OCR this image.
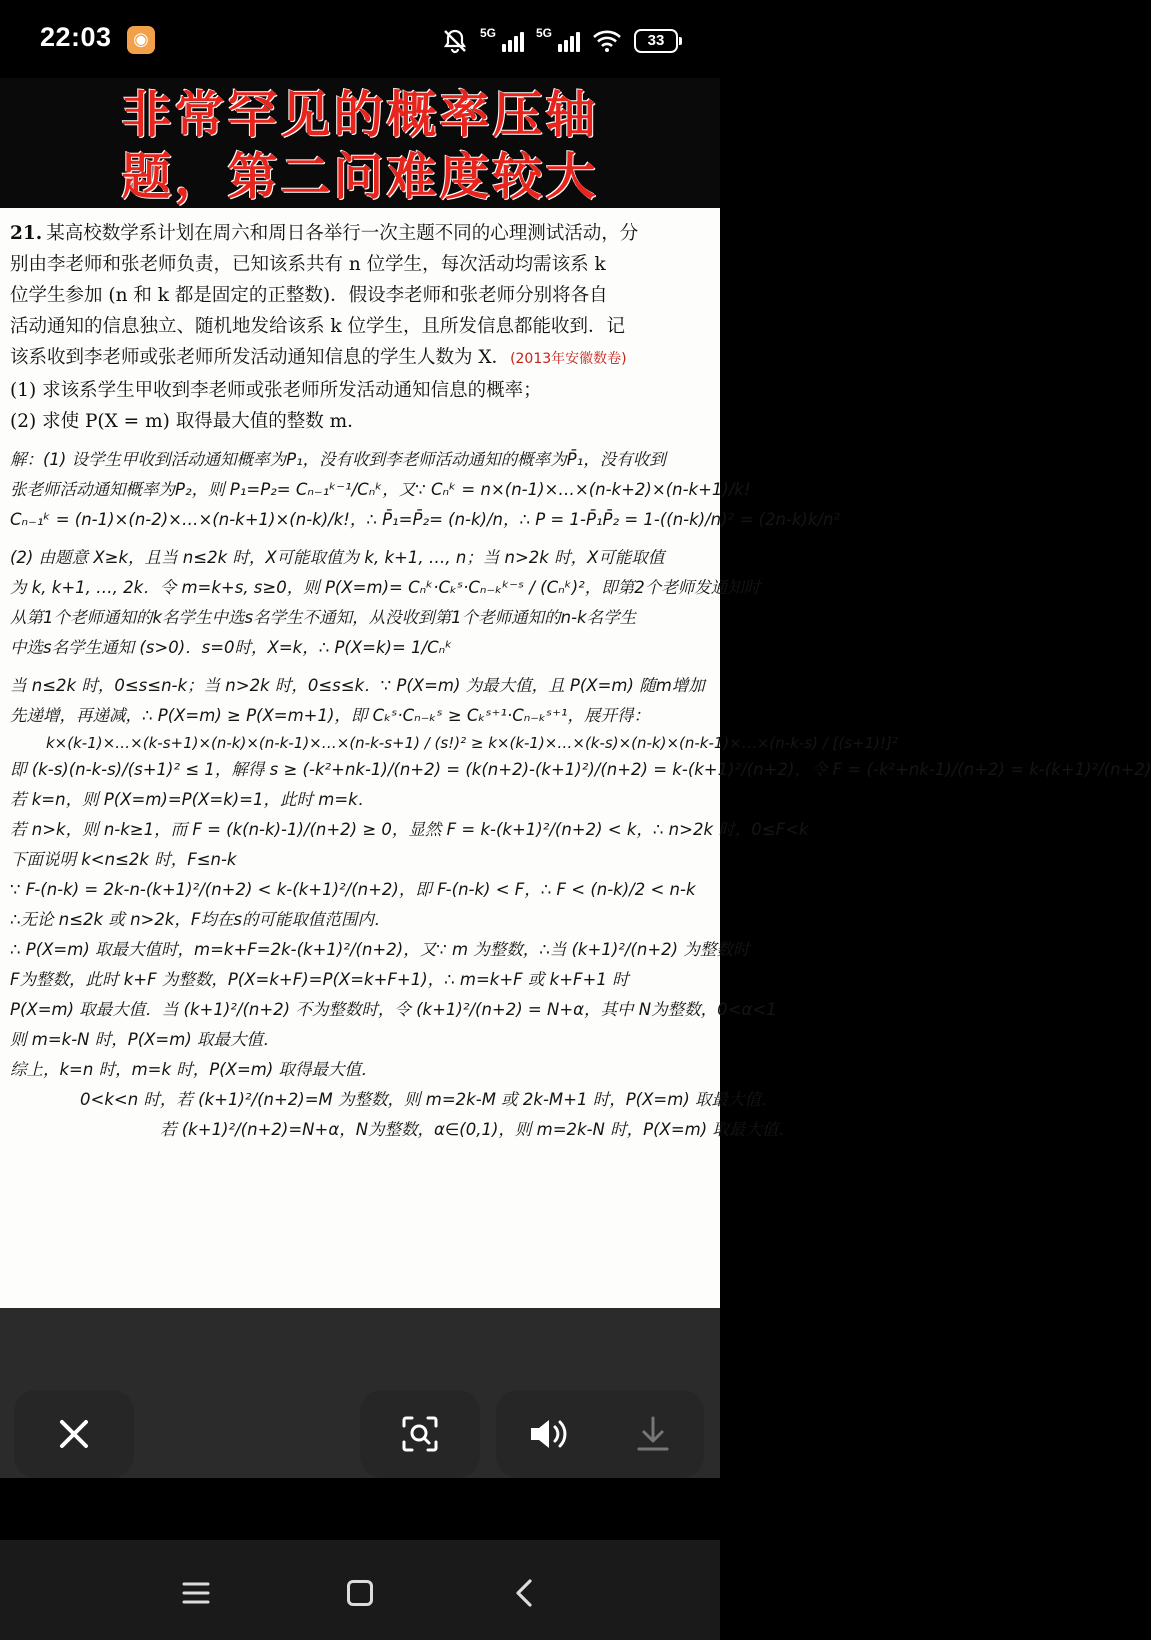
22:03	◉	5G	5G	33
非常罕见的概率压轴
题，第二问难度较大
21. 某高校数学系计划在周六和周日各举行一次主题不同的心理测试活动，分
别由李老师和张老师负责，已知该系共有 n 位学生，每次活动均需该系 k
位学生参加 (n 和 k 都是固定的正整数)．假设李老师和张老师分别将各自
活动通知的信息独立、随机地发给该系 k 位学生，且所发信息都能收到．记
该系收到李老师或张老师所发活动通知信息的学生人数为 X．(2013年安徽数卷)
(1) 求该系学生甲收到李老师或张老师所发活动通知信息的概率；
(2) 求使 P(X = m) 取得最大值的整数 m．
解：(1) 设学生甲收到活动通知概率为P₁，没有收到李老师活动通知的概率为P̄₁，没有收到
张老师活动通知概率为P₂，则 P₁=P₂= Cₙ₋₁ᵏ⁻¹/Cₙᵏ，又∵ Cₙᵏ = n×(n-1)×…×(n-k+2)×(n-k+1)/k!
Cₙ₋₁ᵏ = (n-1)×(n-2)×…×(n-k+1)×(n-k)/k!，∴ P̄₁=P̄₂= (n-k)/n，∴ P = 1-P̄₁P̄₂ = 1-((n-k)/n)² = (2n-k)k/n²
(2) 由题意 X≥k，且当 n≤2k 时，X可能取值为 k, k+1, …, n；当 n>2k 时，X可能取值
为 k, k+1, …, 2k．令 m=k+s, s≥0，则 P(X=m)= Cₙᵏ·Cₖˢ·Cₙ₋ₖᵏ⁻ˢ / (Cₙᵏ)²，即第2个老师发通知时
从第1个老师通知的k名学生中选s名学生不通知，从没收到第1个老师通知的n-k名学生
中选s名学生通知 (s>0)．s=0时，X=k，∴ P(X=k)= 1/Cₙᵏ
当 n≤2k 时，0≤s≤n-k；当 n>2k 时，0≤s≤k．∵ P(X=m) 为最大值，且 P(X=m) 随m增加
先递增，再递减，∴ P(X=m) ≥ P(X=m+1)，即 Cₖˢ·Cₙ₋ₖˢ ≥ Cₖˢ⁺¹·Cₙ₋ₖˢ⁺¹，展开得：
k×(k-1)×…×(k-s+1)×(n-k)×(n-k-1)×…×(n-k-s+1) / (s!)² ≥ k×(k-1)×…×(k-s)×(n-k)×(n-k-1)×…×(n-k-s) / [(s+1)!]²
即 (k-s)(n-k-s)/(s+1)² ≤ 1，解得 s ≥ (-k²+nk-1)/(n+2) = (k(n+2)-(k+1)²)/(n+2) = k-(k+1)²/(n+2)，令 F = (-k²+nk-1)/(n+2) = k-(k+1)²/(n+2)
若 k=n，则 P(X=m)=P(X=k)=1，此时 m=k．
若 n>k，则 n-k≥1，而 F = (k(n-k)-1)/(n+2) ≥ 0，显然 F = k-(k+1)²/(n+2) < k，∴ n>2k 时，0≤F<k
下面说明 k<n≤2k 时，F≤n-k
∵ F-(n-k) = 2k-n-(k+1)²/(n+2) < k-(k+1)²/(n+2)，即 F-(n-k) < F，∴ F < (n-k)/2 < n-k
∴无论 n≤2k 或 n>2k，F均在s的可能取值范围内．
∴ P(X=m) 取最大值时，m=k+F=2k-(k+1)²/(n+2)，又∵ m 为整数，∴当 (k+1)²/(n+2) 为整数时
F为整数，此时 k+F 为整数，P(X=k+F)=P(X=k+F+1)，∴ m=k+F 或 k+F+1 时
P(X=m) 取最大值．当 (k+1)²/(n+2) 不为整数时，令 (k+1)²/(n+2) = N+α，其中 N为整数，0<α<1
则 m=k-N 时，P(X=m) 取最大值．
综上，k=n 时，m=k 时，P(X=m) 取得最大值．
0<k<n 时，若 (k+1)²/(n+2)=M 为整数，则 m=2k-M 或 2k-M+1 时，P(X=m) 取最大值．
若 (k+1)²/(n+2)=N+α，N为整数，α∈(0,1)，则 m=2k-N 时，P(X=m) 取最大值．
